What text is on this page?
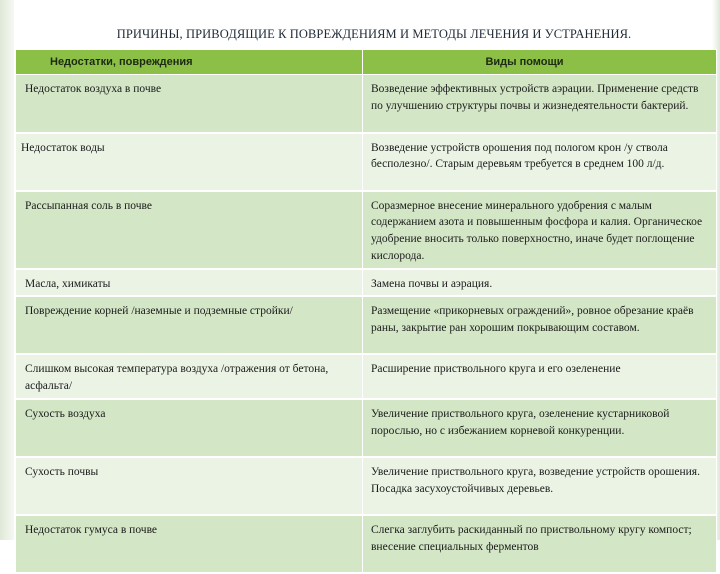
ПРИЧИНЫ, ПРИВОДЯЩИЕ К ПОВРЕЖДЕНИЯМ И МЕТОДЫ ЛЕЧЕНИЯ И УСТРАНЕНИЯ.
Недостатки, повреждения	Виды помощи
Недостаток воздуха в почве	Возведение эффективных устройств аэрации. Применение средств по улучшению структуры почвы и жизнедеятельности бактерий.
Недостаток воды	Возведение устройств орошения под пологом крон /у ствола бесполезно/. Старым деревьям требуется в среднем 100 л/д.
Рассыпанная соль в почве	Соразмерное внесение минерального удобрения с малым содержанием азота и повышенным фосфора и калия. Органическое удобрение вносить только поверхностно, иначе будет поглощение кислорода.
Масла, химикаты	Замена почвы и аэрация.
Повреждение корней /наземные и подземные стройки/	Размещение «прикорневых ограждений», ровное обрезание краёв раны, закрытие ран хорошим покрывающим составом.
Слишком высокая температура воздуха /отражения от бетона, асфальта/	Расширение приствольного круга и его озеленение
Сухость воздуха	Увеличение приствольного круга, озеленение кустарниковой порослью, но с избежанием корневой конкуренции.
Сухость почвы	Увеличение приствольного круга, возведение устройств орошения. Посадка засухоустойчивых деревьев.
Недостаток гумуса в почве	Слегка заглубить раскиданный по приствольному кругу компост; внесение специальных ферментов
